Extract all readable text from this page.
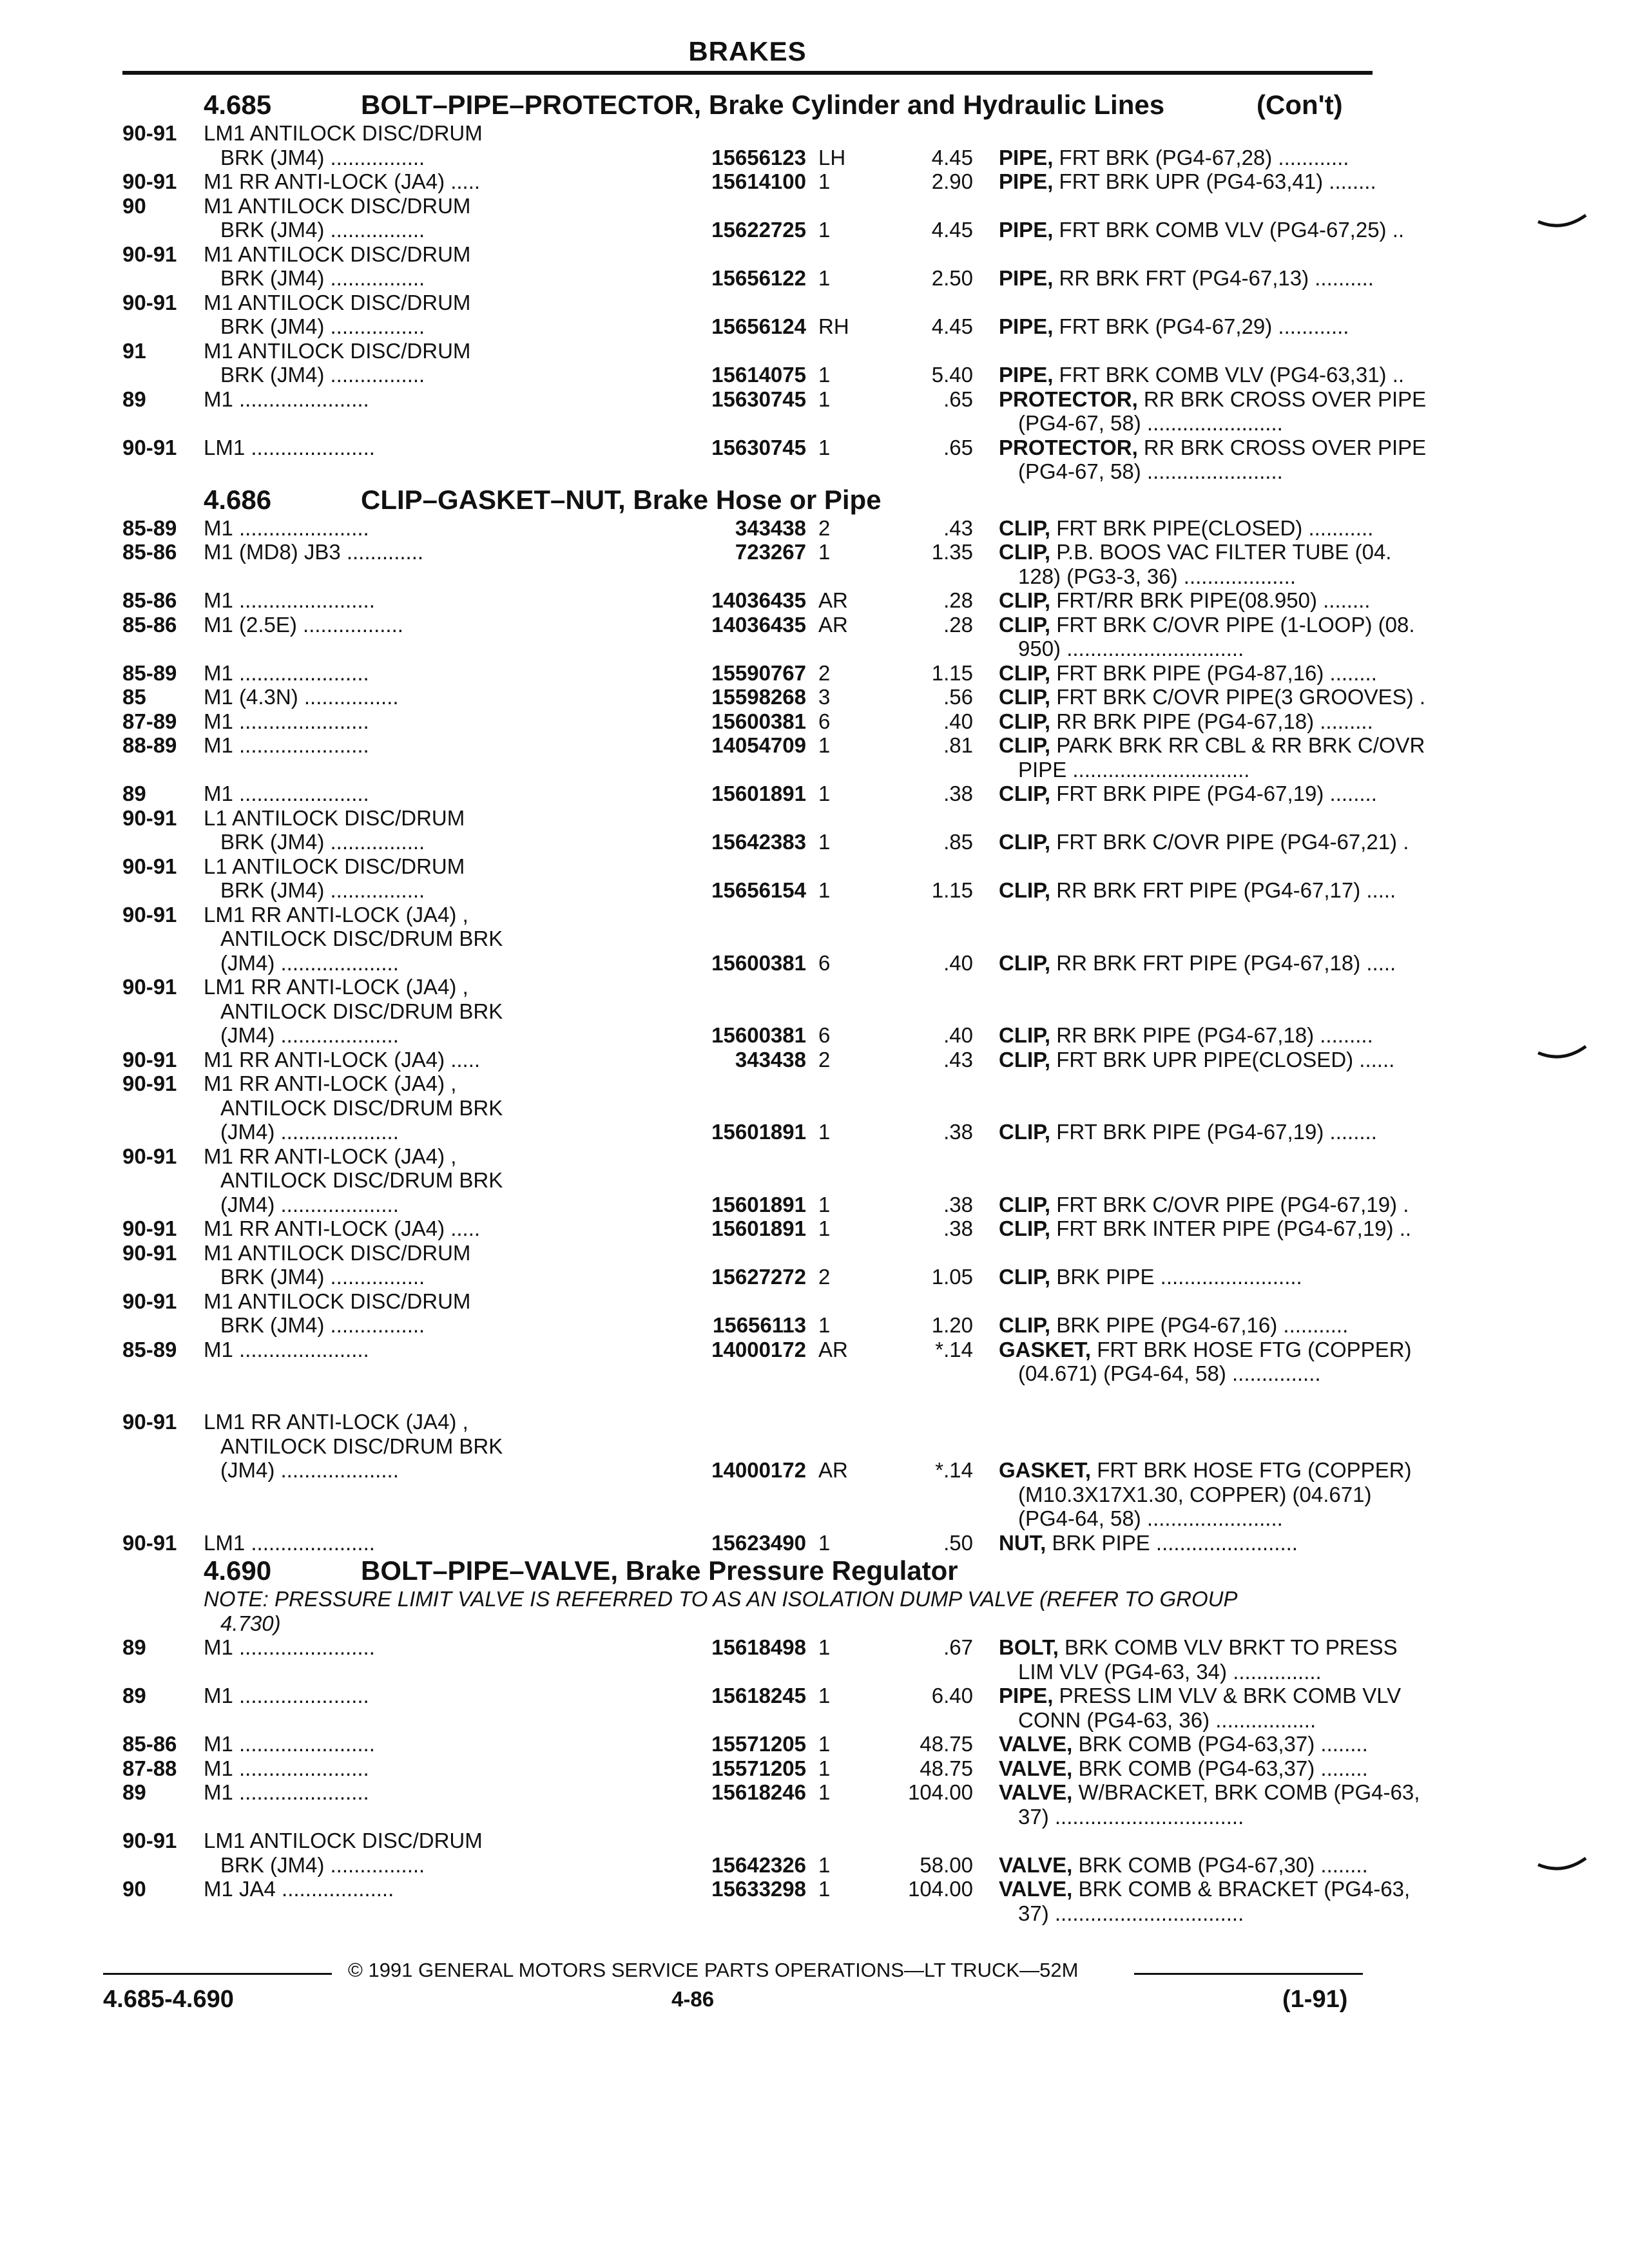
BRAKES
4.685	BOLT–PIPE–PROTECTOR, Brake Cylinder and Hydraulic Lines	(Con't)
90-91	LM1 ANTILOCK DISC/DRUM
BRK (JM4) ................	15656123 LH	4.45 PIPE, FRT BRK (PG4-67,28) ............
90-91	M1 RR ANTI-LOCK (JA4) .....	15614100 1	2.90 PIPE, FRT BRK UPR (PG4-63,41) ........
90	M1 ANTILOCK DISC/DRUM
BRK (JM4) ................	15622725 1	4.45 PIPE, FRT BRK COMB VLV (PG4-67,25) ..
90-91	M1 ANTILOCK DISC/DRUM
BRK (JM4) ................	15656122 1	2.50 PIPE, RR BRK FRT (PG4-67,13) ..........
90-91	M1 ANTILOCK DISC/DRUM
BRK (JM4) ................	15656124 RH	4.45 PIPE, FRT BRK (PG4-67,29) ............
91	M1 ANTILOCK DISC/DRUM
BRK (JM4) ................	15614075 1	5.40 PIPE, FRT BRK COMB VLV (PG4-63,31) ..
89	M1 ......................	15630745 1	.65 PROTECTOR, RR BRK CROSS OVER PIPE
(PG4-67, 58) .......................
90-91	LM1 .....................	15630745 1	.65 PROTECTOR, RR BRK CROSS OVER PIPE
(PG4-67, 58) .......................
4.686	CLIP–GASKET–NUT, Brake Hose or Pipe
85-89	M1 ......................	343438 2	.43 CLIP, FRT BRK PIPE(CLOSED) ...........
85-86	M1 (MD8) JB3 .............	723267 1	1.35 CLIP, P.B. BOOS VAC FILTER TUBE (04.
128) (PG3-3, 36) ...................
85-86	M1 .......................	14036435 AR	.28 CLIP, FRT/RR BRK PIPE(08.950) ........
85-86	M1 (2.5E) .................	14036435 AR	.28 CLIP, FRT BRK C/OVR PIPE (1-LOOP) (08.
950) ..............................
85-89	M1 ......................	15590767 2	1.15 CLIP, FRT BRK PIPE (PG4-87,16) ........
85	M1 (4.3N) ................	15598268 3	.56 CLIP, FRT BRK C/OVR PIPE(3 GROOVES) .
87-89	M1 ......................	15600381 6	.40 CLIP, RR BRK PIPE (PG4-67,18) .........
88-89	M1 ......................	14054709 1	.81 CLIP, PARK BRK RR CBL & RR BRK C/OVR
PIPE ..............................
89	M1 ......................	15601891 1	.38 CLIP, FRT BRK PIPE (PG4-67,19) ........
90-91	L1 ANTILOCK DISC/DRUM
BRK (JM4) ................	15642383 1	.85 CLIP, FRT BRK C/OVR PIPE (PG4-67,21) .
90-91	L1 ANTILOCK DISC/DRUM
BRK (JM4) ................	15656154 1	1.15 CLIP, RR BRK FRT PIPE (PG4-67,17) .....
90-91	LM1 RR ANTI-LOCK (JA4) ,
ANTILOCK DISC/DRUM BRK
(JM4) ....................	15600381 6	.40 CLIP, RR BRK FRT PIPE (PG4-67,18) .....
90-91	LM1 RR ANTI-LOCK (JA4) ,
ANTILOCK DISC/DRUM BRK
(JM4) ....................	15600381 6	.40 CLIP, RR BRK PIPE (PG4-67,18) .........
90-91	M1 RR ANTI-LOCK (JA4) .....	343438 2	.43 CLIP, FRT BRK UPR PIPE(CLOSED) ......
90-91	M1 RR ANTI-LOCK (JA4) ,
ANTILOCK DISC/DRUM BRK
(JM4) ....................	15601891 1	.38 CLIP, FRT BRK PIPE (PG4-67,19) ........
90-91	M1 RR ANTI-LOCK (JA4) ,
ANTILOCK DISC/DRUM BRK
(JM4) ....................	15601891 1	.38 CLIP, FRT BRK C/OVR PIPE (PG4-67,19) .
90-91	M1 RR ANTI-LOCK (JA4) .....	15601891 1	.38 CLIP, FRT BRK INTER PIPE (PG4-67,19) ..
90-91	M1 ANTILOCK DISC/DRUM
BRK (JM4) ................	15627272 2	1.05 CLIP, BRK PIPE ........................
90-91	M1 ANTILOCK DISC/DRUM
BRK (JM4) ................	15656113 1	1.20 CLIP, BRK PIPE (PG4-67,16) ...........
85-89	M1 ......................	14000172 AR	*.14 GASKET, FRT BRK HOSE FTG (COPPER)
(04.671) (PG4-64, 58) ...............
90-91	LM1 RR ANTI-LOCK (JA4) ,
ANTILOCK DISC/DRUM BRK
(JM4) ....................	14000172 AR	*.14 GASKET, FRT BRK HOSE FTG (COPPER)
(M10.3X17X1.30, COPPER) (04.671)
(PG4-64, 58) .......................
90-91	LM1 .....................	15623490 1	.50 NUT, BRK PIPE ........................
4.690	BOLT–PIPE–VALVE, Brake Pressure Regulator
NOTE: PRESSURE LIMIT VALVE IS REFERRED TO AS AN ISOLATION DUMP VALVE (REFER TO GROUP
4.730)
89	M1 .......................	15618498 1	.67 BOLT, BRK COMB VLV BRKT TO PRESS
LIM VLV (PG4-63, 34) ...............
89	M1 ......................	15618245 1	6.40 PIPE, PRESS LIM VLV & BRK COMB VLV
CONN (PG4-63, 36) .................
85-86	M1 .......................	15571205 1	48.75 VALVE, BRK COMB (PG4-63,37) ........
87-88	M1 ......................	15571205 1	48.75 VALVE, BRK COMB (PG4-63,37) ........
89	M1 ......................	15618246 1	104.00 VALVE, W/BRACKET, BRK COMB (PG4-63,
37) ................................
90-91	LM1 ANTILOCK DISC/DRUM
BRK (JM4) ................	15642326 1	58.00 VALVE, BRK COMB (PG4-67,30) ........
90	M1 JA4 ...................	15633298 1	104.00 VALVE, BRK COMB & BRACKET (PG4-63,
37) ................................
© 1991 GENERAL MOTORS SERVICE PARTS OPERATIONS—LT TRUCK—52M
4.685-4.690	4-86	(1-91)
